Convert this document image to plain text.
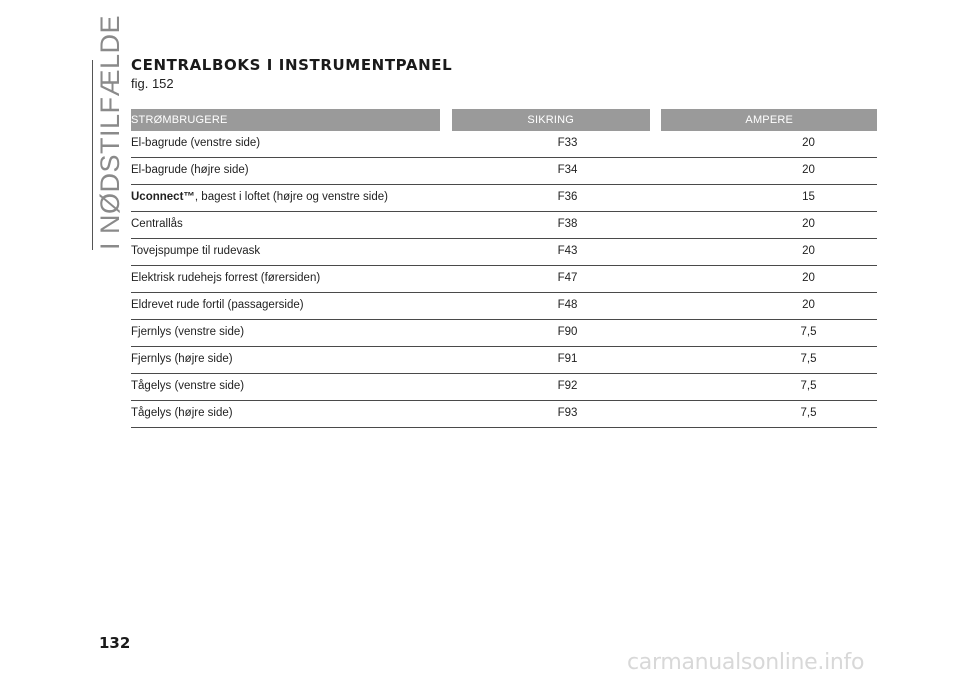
I NØDSTILFÆLDE CENTRALBOKS I INSTRUMENTPANEL
fig. 152
STRØMBRUGERE	SIKRING	AMPERE
El-bagrude (venstre side)	F33	20
El-bagrude (højre side)	F34	20
Uconnect™, bagest i loftet (højre og venstre side)	F36	15
Centrallås	F38	20
Tovejspumpe til rudevask	F43	20
Elektrisk rudehejs forrest (førersiden)	F47	20
Eldrevet rude fortil (passagerside)	F48	20
Fjernlys (venstre side)	F90	7,5
Fjernlys (højre side)	F91	7,5
Tågelys (venstre side)	F92	7,5
Tågelys (højre side)	F93	7,5
132
carmanualsonline.info
